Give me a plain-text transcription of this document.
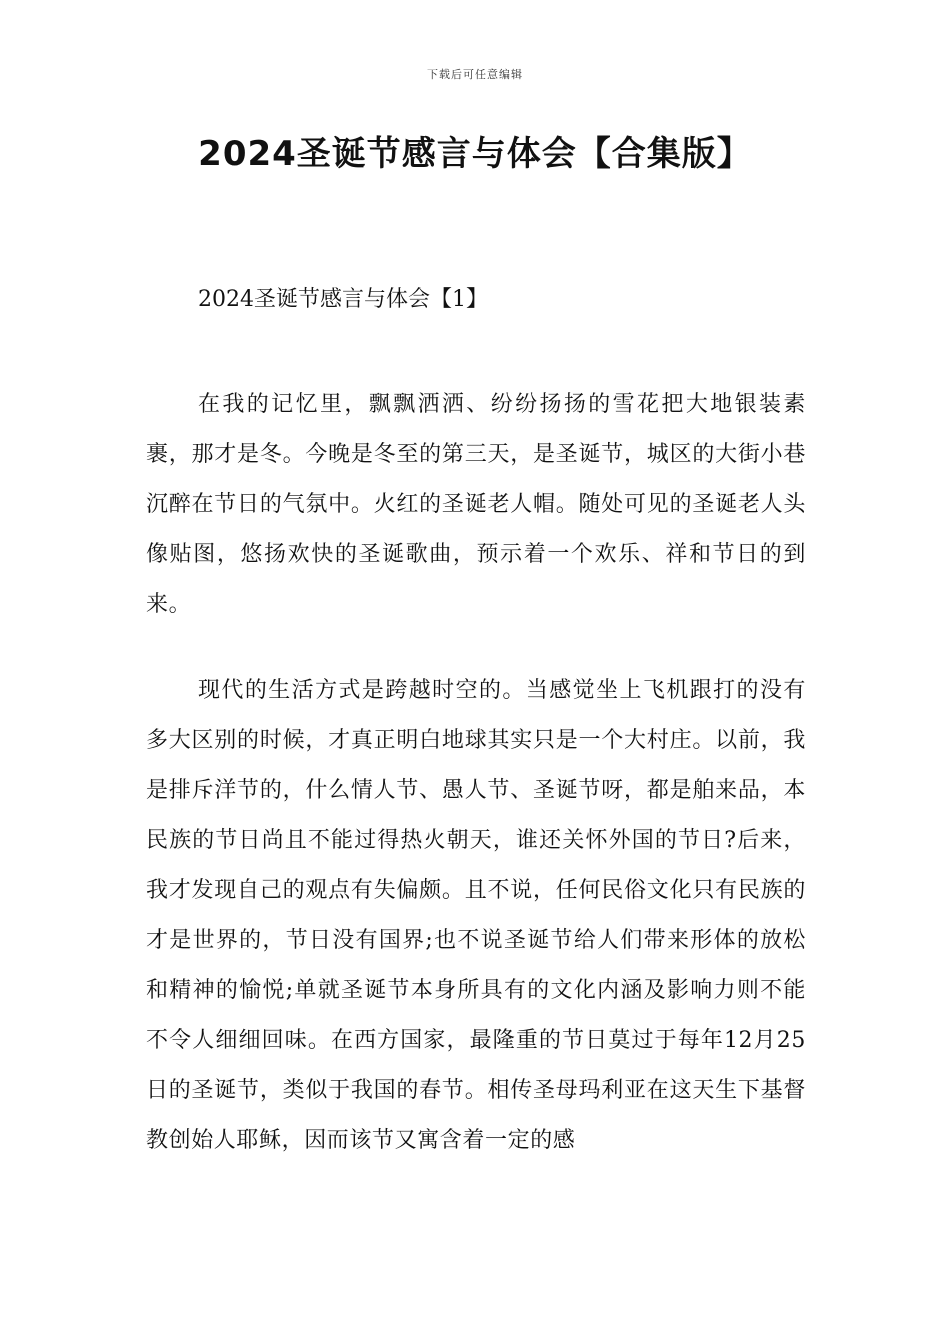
下载后可任意编辑
2024圣诞节感言与体会【合集版】

2024圣诞节感言与体会【1】

在我的记忆里，飘飘洒洒、纷纷扬扬的雪花把大地银装素裹，那才是冬。今晚是冬至的第三天，是圣诞节，城区的大街小巷沉醉在节日的气氛中。火红的圣诞老人帽。随处可见的圣诞老人头像贴图，悠扬欢快的圣诞歌曲，预示着一个欢乐、祥和节日的到来。

现代的生活方式是跨越时空的。当感觉坐上飞机跟打的没有多大区别的时候，才真正明白地球其实只是一个大村庄。以前，我是排斥洋节的，什么情人节、愚人节、圣诞节呀，都是舶来品，本民族的节日尚且不能过得热火朝天，谁还关怀外国的节日?后来，我才发现自己的观点有失偏颇。且不说，任何民俗文化只有民族的才是世界的，节日没有国界;也不说圣诞节给人们带来形体的放松和精神的愉悦;单就圣诞节本身所具有的文化内涵及影响力则不能不令人细细回味。在西方国家，最隆重的节日莫过于每年12月25日的圣诞节，类似于我国的春节。相传圣母玛利亚在这天生下基督教创始人耶稣，因而该节又寓含着一定的感
